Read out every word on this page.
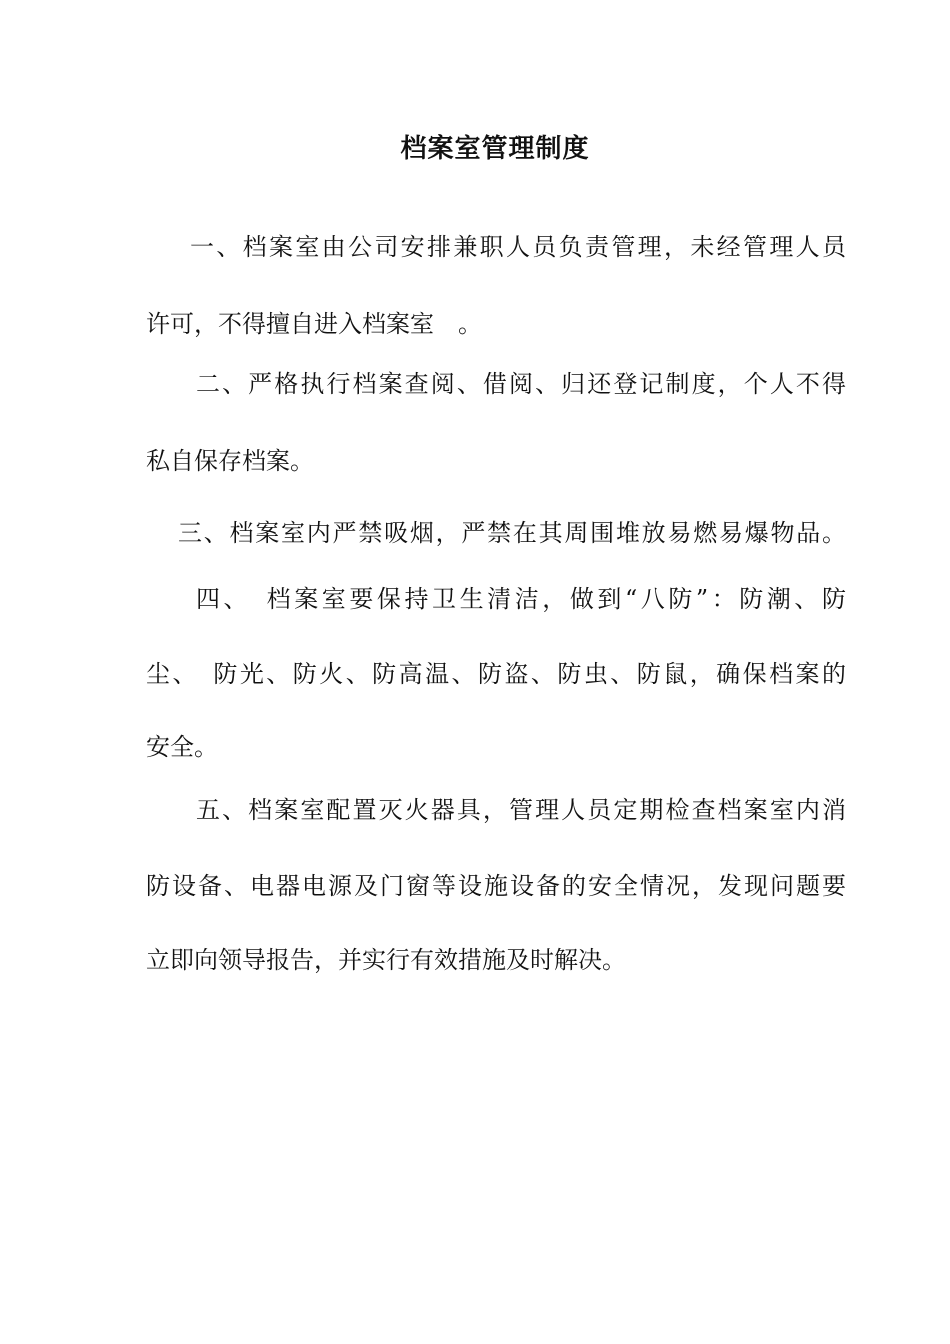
档案室管理制度

一、档案室由公司安排兼职人员负责管理，未经管理人员

许可，不得擅自进入档案室　。

二、严格执行档案查阅、借阅、归还登记制度，个人不得

私自保存档案。

三、档案室内严禁吸烟，严禁在其周围堆放易燃易爆物品。

四、　档案室要保持卫生清洁，做到“八防”：防潮、防

尘、　防光、防火、防高温、防盗、防虫、防鼠，确保档案的

安全。

五、档案室配置灭火器具，管理人员定期检查档案室内消

防设备、电器电源及门窗等设施设备的安全情况，发现问题要

立即向领导报告，并实行有效措施及时解决。
